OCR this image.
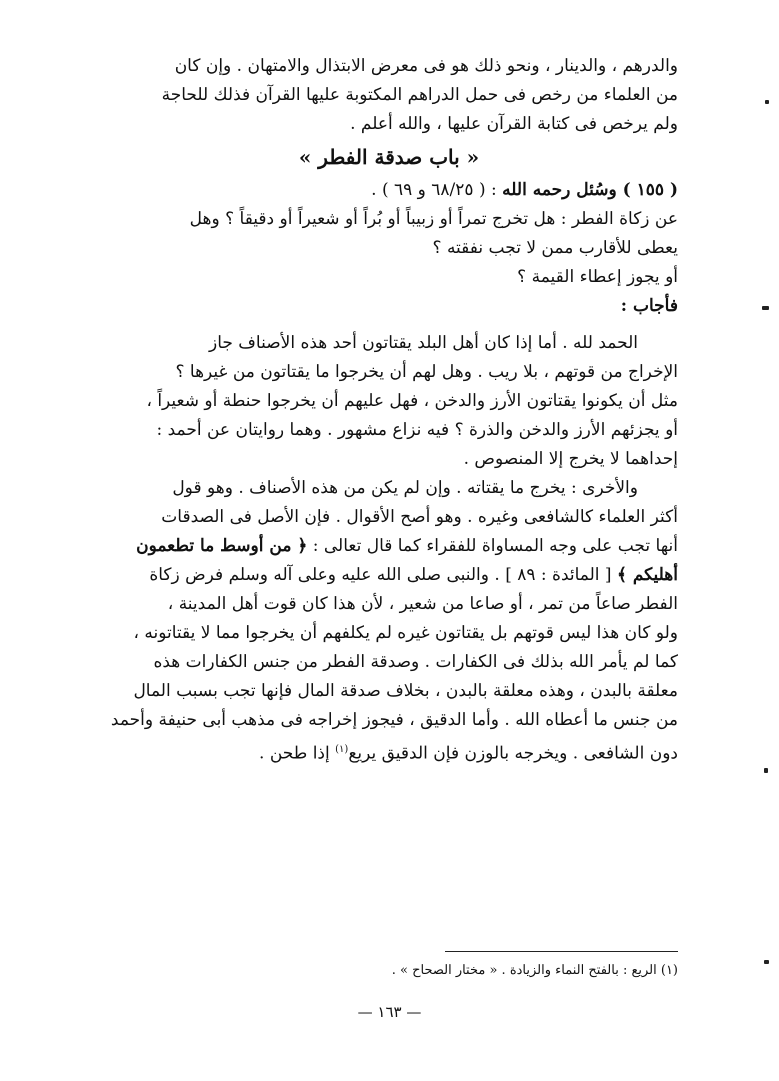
والدرهم ، والدينار ، ونحو ذلك هو فى معرض الابتذال والامتهان . وإن كان
من العلماء من رخص فى حمل الدراهم المكتوبة عليها القرآن فذلك للحاجة
ولم يرخص فى كتابة القرآن عليها ، والله أعلم .
« باب صدقة الفطر »
( ١٥٥ ) وسُئل رحمه الله : ( ٦٨/٢٥ و ٦٩ ) .
عن زكاة الفطر : هل تخرج تمراً أو زبيباً أو بُراً أو شعيراً أو دقيقاً ؟ وهل
يعطى للأقارب ممن لا تجب نفقته ؟
أو يجوز إعطاء القيمة ؟
فأجاب :
الحمد لله . أما إذا كان أهل البلد يقتاتون أحد هذه الأصناف جاز
الإخراج من قوتهم ، بلا ريب . وهل لهم أن يخرجوا ما يقتاتون من غيرها ؟
مثل أن يكونوا يقتاتون الأرز والدخن ، فهل عليهم أن يخرجوا حنطة أو شعيراً ،
أو يجزئهم الأرز والدخن والذرة ؟ فيه نزاع مشهور . وهما روايتان عن أحمد :
إحداهما لا يخرج إلا المنصوص .
والأخرى : يخرج ما يقتاته . وإن لم يكن من هذه الأصناف . وهو قول
أكثر العلماء كالشافعى وغيره . وهو أصح الأقوال . فإن الأصل فى الصدقات
أنها تجب على وجه المساواة للفقراء كما قال تعالى : ﴿ من أوسط ما تطعمون
أهليكم ﴾ [ المائدة : ٨٩ ] . والنبى صلى الله عليه وعلى آله وسلم فرض زكاة
الفطر صاعاً من تمر ، أو صاعا من شعير ، لأن هذا كان قوت أهل المدينة ،
ولو كان هذا ليس قوتهم بل يقتاتون غيره لم يكلفهم أن يخرجوا مما لا يقتاتونه ،
كما لم يأمر الله بذلك فى الكفارات . وصدقة الفطر من جنس الكفارات هذه
معلقة بالبدن ، وهذه معلقة بالبدن ، بخلاف صدقة المال فإنها تجب بسبب المال
من جنس ما أعطاه الله . وأما الدقيق ، فيجوز إخراجه فى مذهب أبى حنيفة وأحمد
دون الشافعى . ويخرجه بالوزن فإن الدقيق يريع$^{(١)}$ إذا طحن .
(١) الريع : بالفتح النماء والزيادة . « مختار الصحاح » .
— ١٦٣ —
